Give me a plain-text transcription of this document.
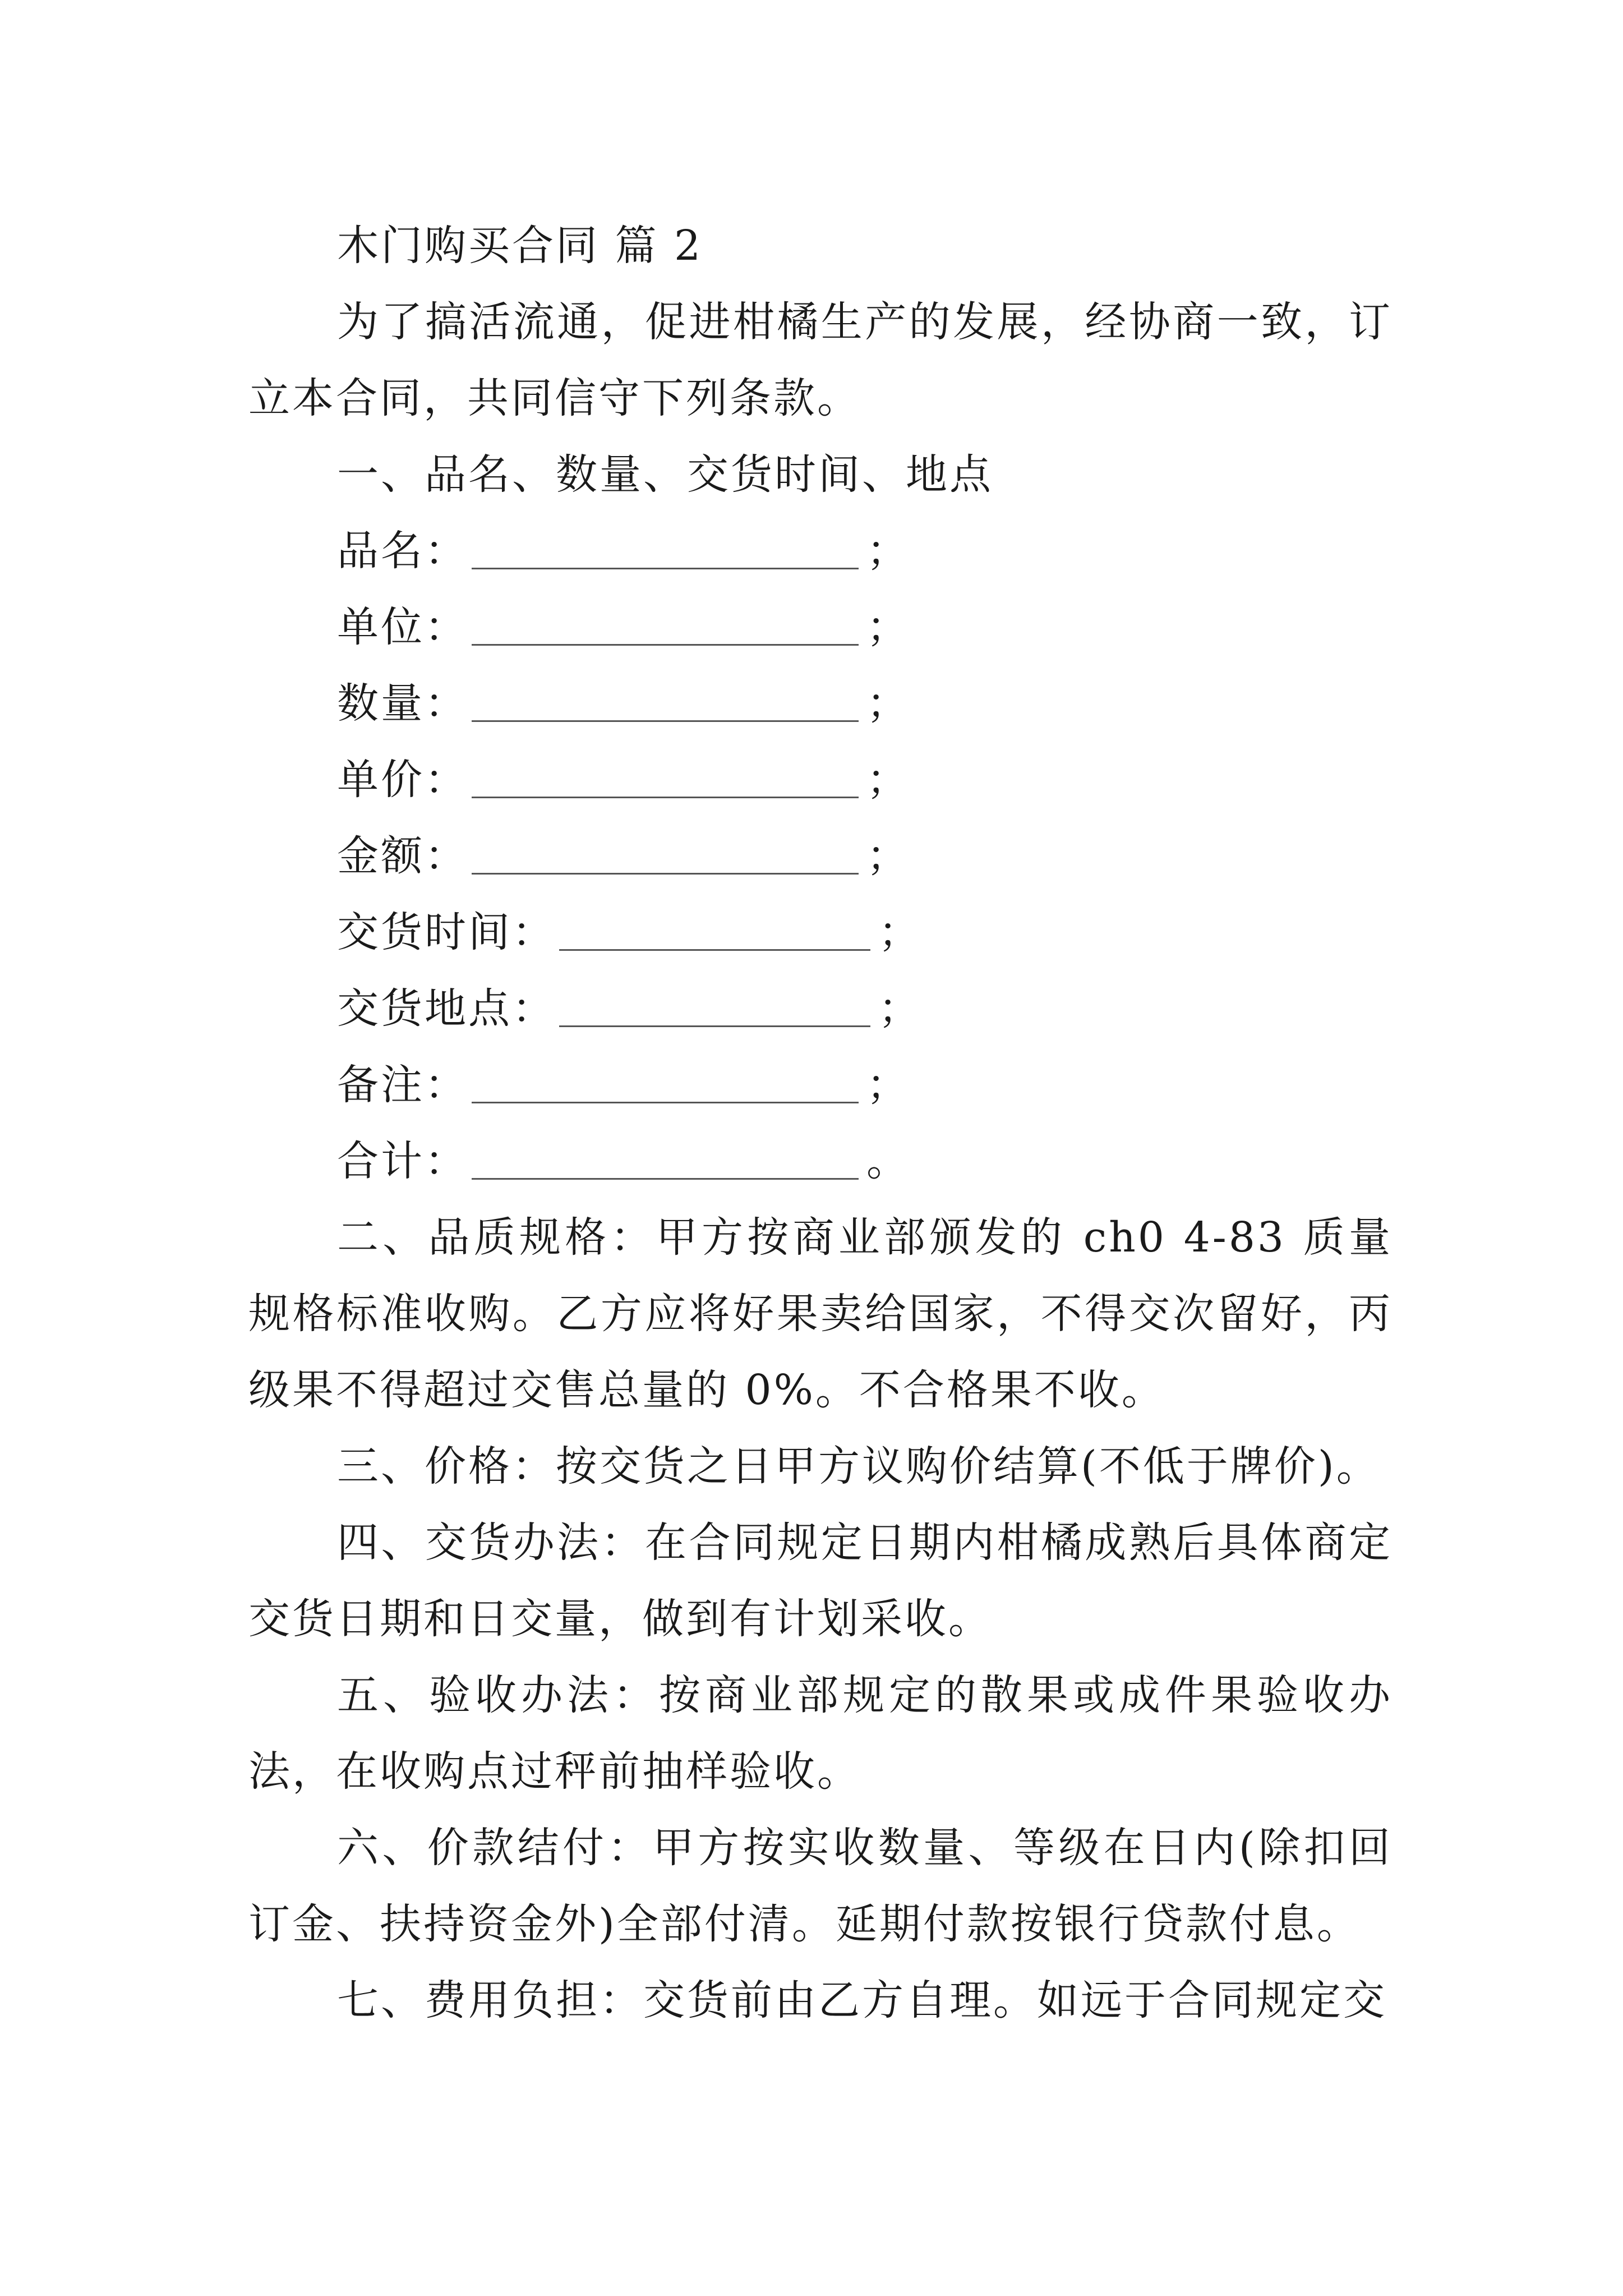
木门购买合同 篇 2
为了搞活流通，促进柑橘生产的发展，经协商一致，订立本合同，共同信守下列条款。
一、品名、数量、交货时间、地点
品名：	；
单位：	；
数量：	；
单价：	；
金额：	；
交货时间：	；
交货地点：	；
备注：	；
合计：	。
二、品质规格：甲方按商业部颁发的 ch0 4-83 质量规格标准收购。乙方应将好果卖给国家，不得交次留好，丙级果不得超过交售总量的 0%。不合格果不收。
三、价格：按交货之日甲方议购价结算(不低于牌价)。
四、交货办法：在合同规定日期内柑橘成熟后具体商定交货日期和日交量，做到有计划采收。
五、验收办法：按商业部规定的散果或成件果验收办法，在收购点过秤前抽样验收。
六、价款结付：甲方按实收数量、等级在日内(除扣回订金、扶持资金外)全部付清。延期付款按银行贷款付息。
七、费用负担：交货前由乙方自理。如远于合同规定交
